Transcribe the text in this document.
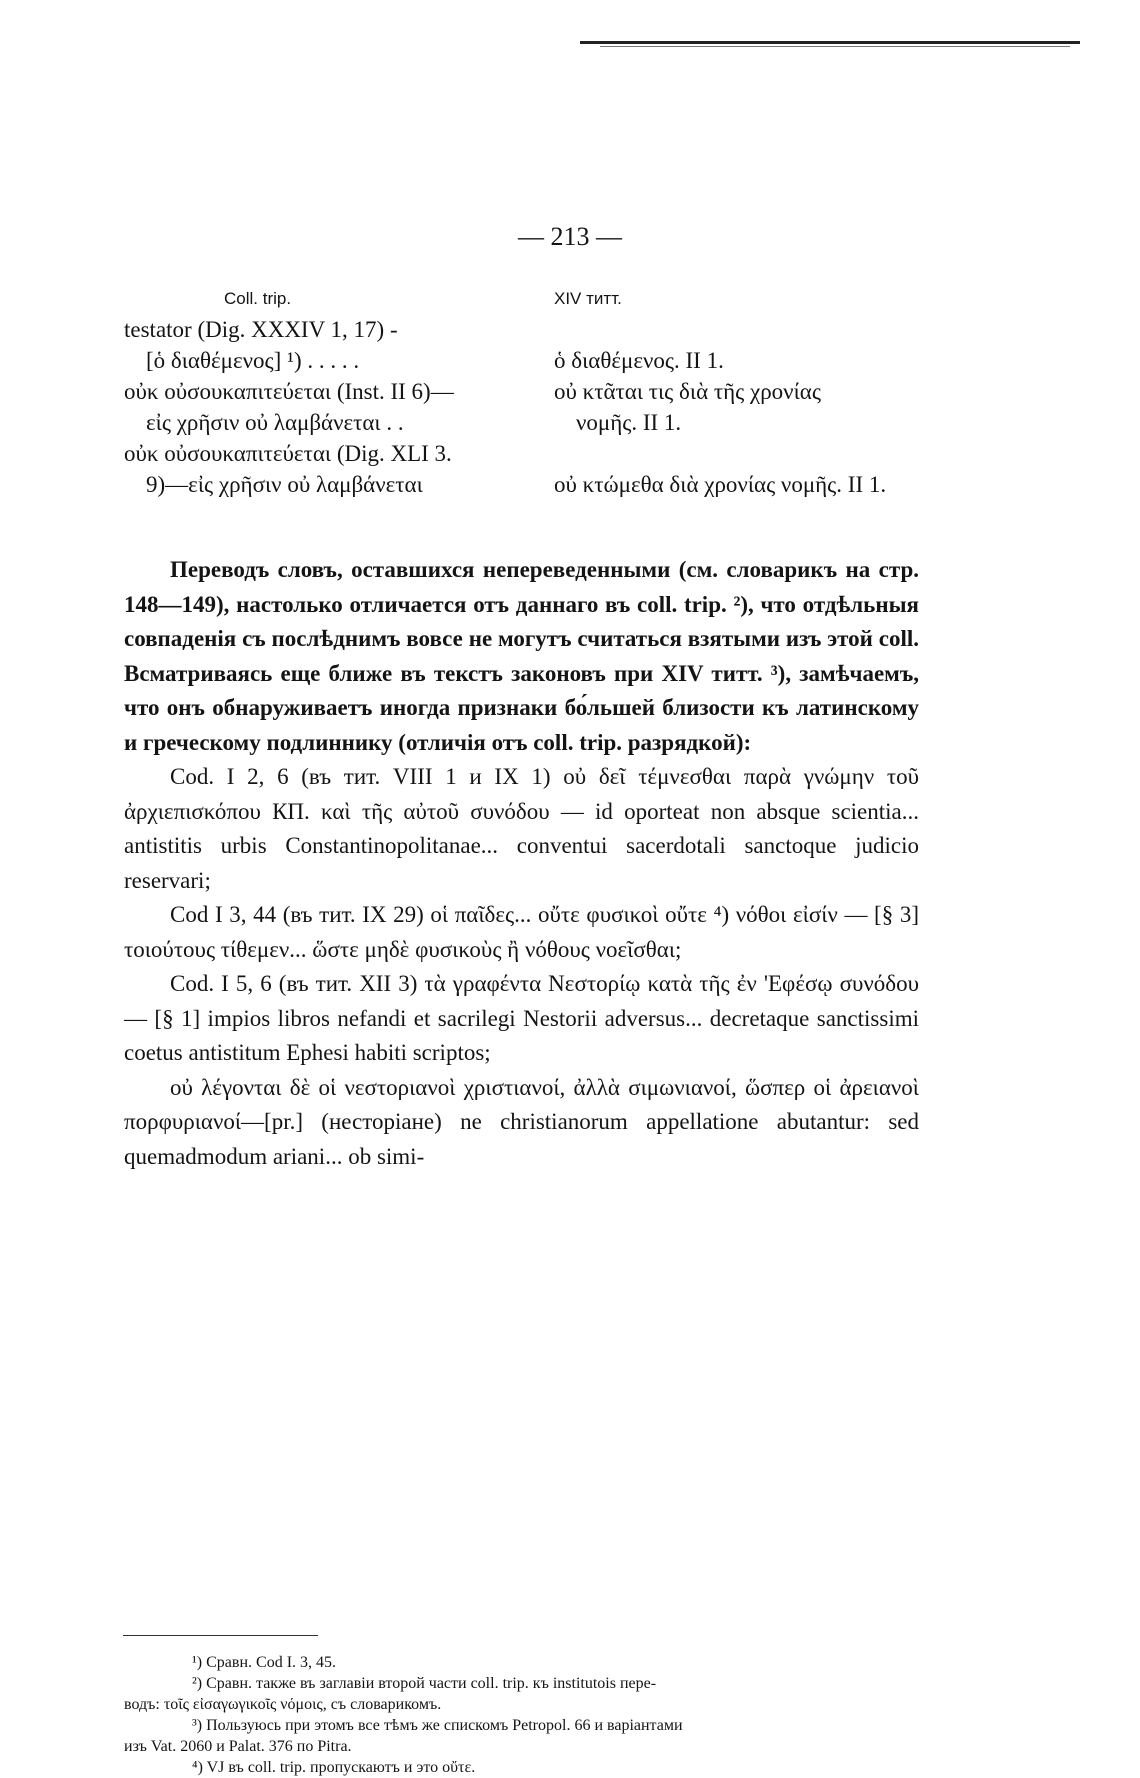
— 213 —
Coll. trip.
testator (Dig. XXXIV 1, 17) -
[ὁ διαθέμενος] ¹) . . . . .
οὐκ οὐσουκαπιτεύεται (Inst. II 6)—
εἰς χρῆσιν οὐ λαμβάνεται . .
οὐκ οὐσουκαπιτεύεται (Dig. XLI 3.
9)—εἰς χρῆσιν οὐ λαμβάνεται
XIV титт.
ὁ διαθέμενος. II 1.
οὐ κτᾶται τις διὰ τῆς χρονίας
νομῆς. II 1.
οὐ κτώμεθα διὰ χρονίας νομῆς. II 1.

Переводъ словъ, оставшихся непереведенными (см. словарикъ на стр. 148—149), настолько отличается отъ даннаго въ coll. trip. ²), что отдѣльныя совпаденія съ послѣднимъ вовсе не могутъ считаться взятыми изъ этой coll. Всматриваясь еще ближе въ текстъ законовъ при XIV титт. ³), замѣчаемъ, что онъ обнаруживаетъ иногда признаки бо́льшей близости къ латинскому и греческому подлиннику (отличія отъ coll. trip. разрядкой):

Cod. I 2, 6 (въ тит. VIII 1 и IX 1) οὐ δεῖ τέμνεσθαι παρὰ γνώμην τοῦ ἀρχιεπισκόπου КП. καὶ τῆς αὐτοῦ συνόδου — id oporteat non absque scientia... antistitis urbis Constantinopolitanae... conventui sacerdotali sanctoque judicio reservari;

Cod I 3, 44 (въ тит. IX 29) οἱ παῖδες... οὔτε φυσικοὶ οὔτε ⁴) νόθοι εἰσίν — [§ 3] τοιούτους τίθεμεν... ὥστε μηδὲ φυσικοὺς ἢ νόθους νοεῖσθαι;

Cod. I 5, 6 (въ тит. XII 3) τὰ γραφέντα Νεστορίῳ κατὰ τῆς ἐν 'Εφέσῳ συνόδου — [§ 1] impios libros nefandi et sacrilegi Nestorii adversus... decretaque sanctissimi coetus antistitum Ephesi habiti scriptos;

οὐ λέγονται δὲ οἱ νεστοριανοὶ χριστιανοί, ἀλλὰ σιμωνιανοί, ὥσπερ οἱ ἀρειανοὶ πορφυριανοί—[pr.] (несторіане) ne christianorum appellatione abutantur: sed quemadmodum ariani... ob simi-

¹) Сравн. Cod I. 3, 45.
²) Сравн. также въ заглавіи второй части coll. trip. къ institutois пере-
водъ: τοῖς εἰσαγωγικοῖς νόμοις, съ словарикомъ.
³) Пользуюсь при этомъ все тѣмъ же спискомъ Petropol. 66 и варіантами
изъ Vat. 2060 и Palat. 376 по Pitra.
⁴) VJ въ coll. trip. пропускаютъ и это οὔτε.
